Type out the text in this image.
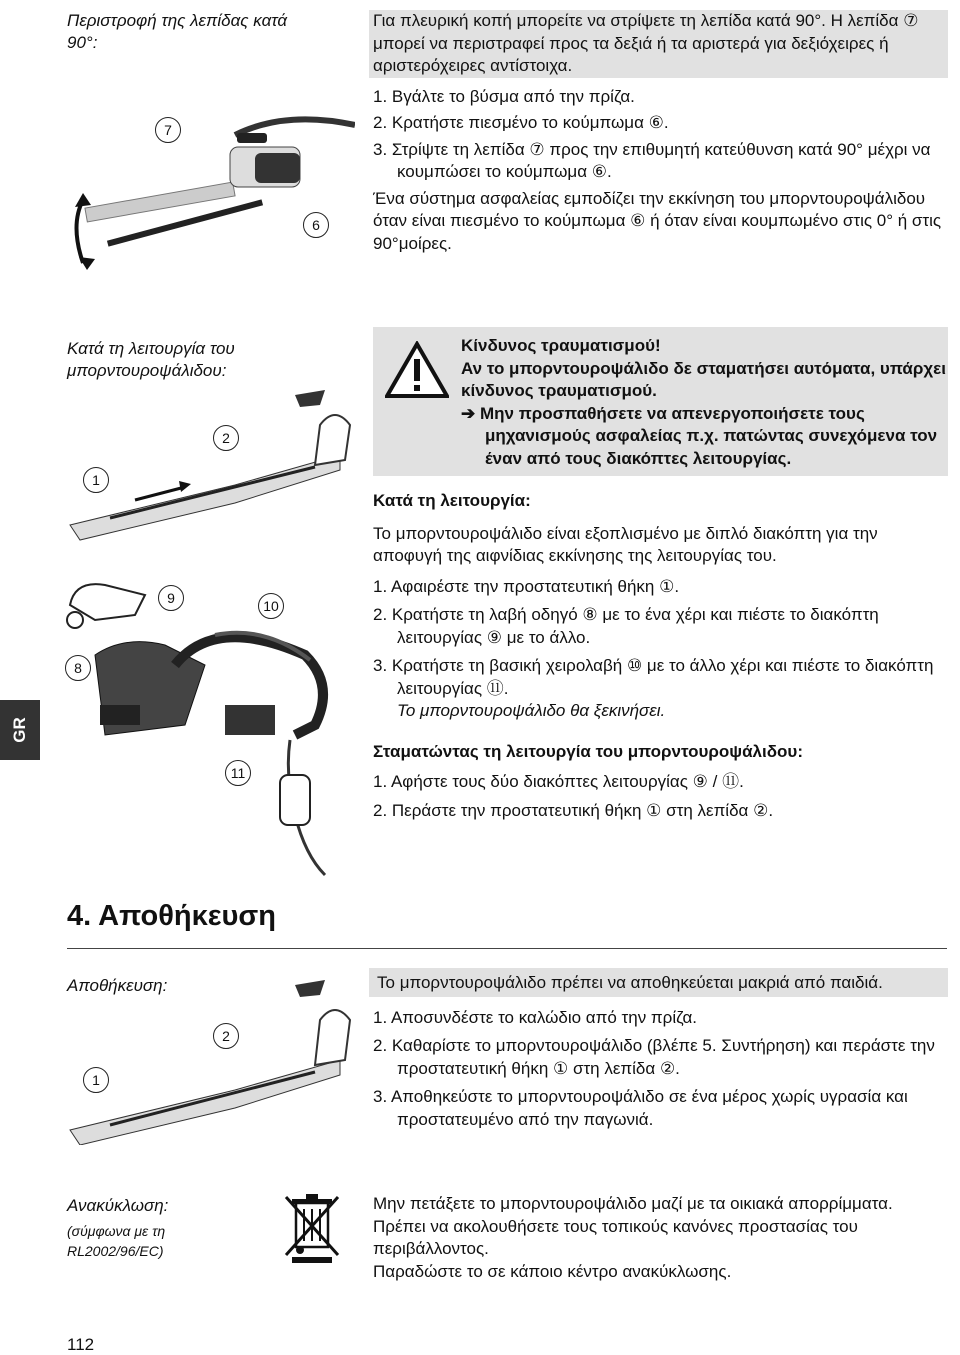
Περιστροφή της λεπίδας κατά 90°:

Για πλευρική κοπή μπορείτε να στρίψετε τη λεπίδα κατά 90°. Η λεπίδα ⑦ μπορεί να περιστραφεί προς τα δεξιά ή τα αριστερά για δεξιόχειρες ή αριστερόχειρες αντίστοιχα.

1. Βγάλτε το βύσμα από την πρίζα.

2. Κρατήστε πιεσμένο το κούμπωμα ⑥.

3. Στρίψτε τη λεπίδα ⑦ προς την επιθυμητή κατεύθυνση κατά 90° μέχρι να κουμπώσει το κούμπωμα ⑥.

Ένα σύστημα ασφαλείας εμποδίζει την εκκίνηση του μπορντουροψάλιδου όταν είναι πιεσμένο το κούμπωμα ⑥ ή όταν είναι κουμπωμένο στις 0° ή στις 90°μοίρες.

7
6
Κατά τη λειτουργία του μπορντουροψάλιδου:

Κίνδυνος τραυματισμού!

Αν το μπορντουροψάλιδο δε σταματήσει αυτόματα, υπάρχει κίνδυνος τραυματισμού.

➔ Μην προσπαθήσετε να απενεργοποιήσετε τους μηχανισμούς ασφαλείας π.χ. πατώντας συνεχόμενα τον έναν από τους διακόπτες λειτουργίας.

Κατά τη λειτουργία:

Το μπορντουροψάλιδο είναι εξοπλισμένο με διπλό διακόπτη για την αποφυγή της αιφνίδιας εκκίνησης της λειτουργίας του.

1. Αφαιρέστε την προστατευτική θήκη ①.

2. Κρατήστε τη λαβή οδηγό ⑧ με το ένα χέρι και πιέστε το διακόπτη λειτουργίας ⑨ με το άλλο.

3. Κρατήστε τη βασική χειρολαβή ⑩ με το άλλο χέρι και πιέστε το διακόπτη λειτουργίας ⑪.

Το μπορντουροψάλιδο θα ξεκινήσει.

Σταματώντας τη λειτουργία του μπορντουροψάλιδου:

1. Αφήστε τους δύο διακόπτες λειτουργίας ⑨ / ⑪.

2. Περάστε την προστατευτική θήκη ① στη λεπίδα ②.

1
2
9	10
8
11
GR
4. Αποθήκευση
Αποθήκευση:	Το μπορντουροψάλιδο πρέπει να αποθηκεύεται μακριά από παιδιά.

1. Αποσυνδέστε το καλώδιο από την πρίζα.

2. Καθαρίστε το μπορντουροψάλιδο (βλέπε 5. Συντήρηση) και περάστε την προστατευτική θήκη ① στη λεπίδα ②.

3. Αποθηκεύστε το μπορντουροψάλιδο σε ένα μέρος χωρίς υγρασία και προστατευμένο από την παγωνιά.

1
2
Ανακύκλωση:
(σύμφωνα με τη
RL2002/96/EC)

Μην πετάξετε το μπορντουροψάλιδο μαζί με τα οικιακά απορρίμματα. Πρέπει να ακολουθήσετε τους τοπικούς κανόνες προστασίας του περιβάλλοντος.

Παραδώστε το σε κάποιο κέντρο ανακύκλωσης.

112
